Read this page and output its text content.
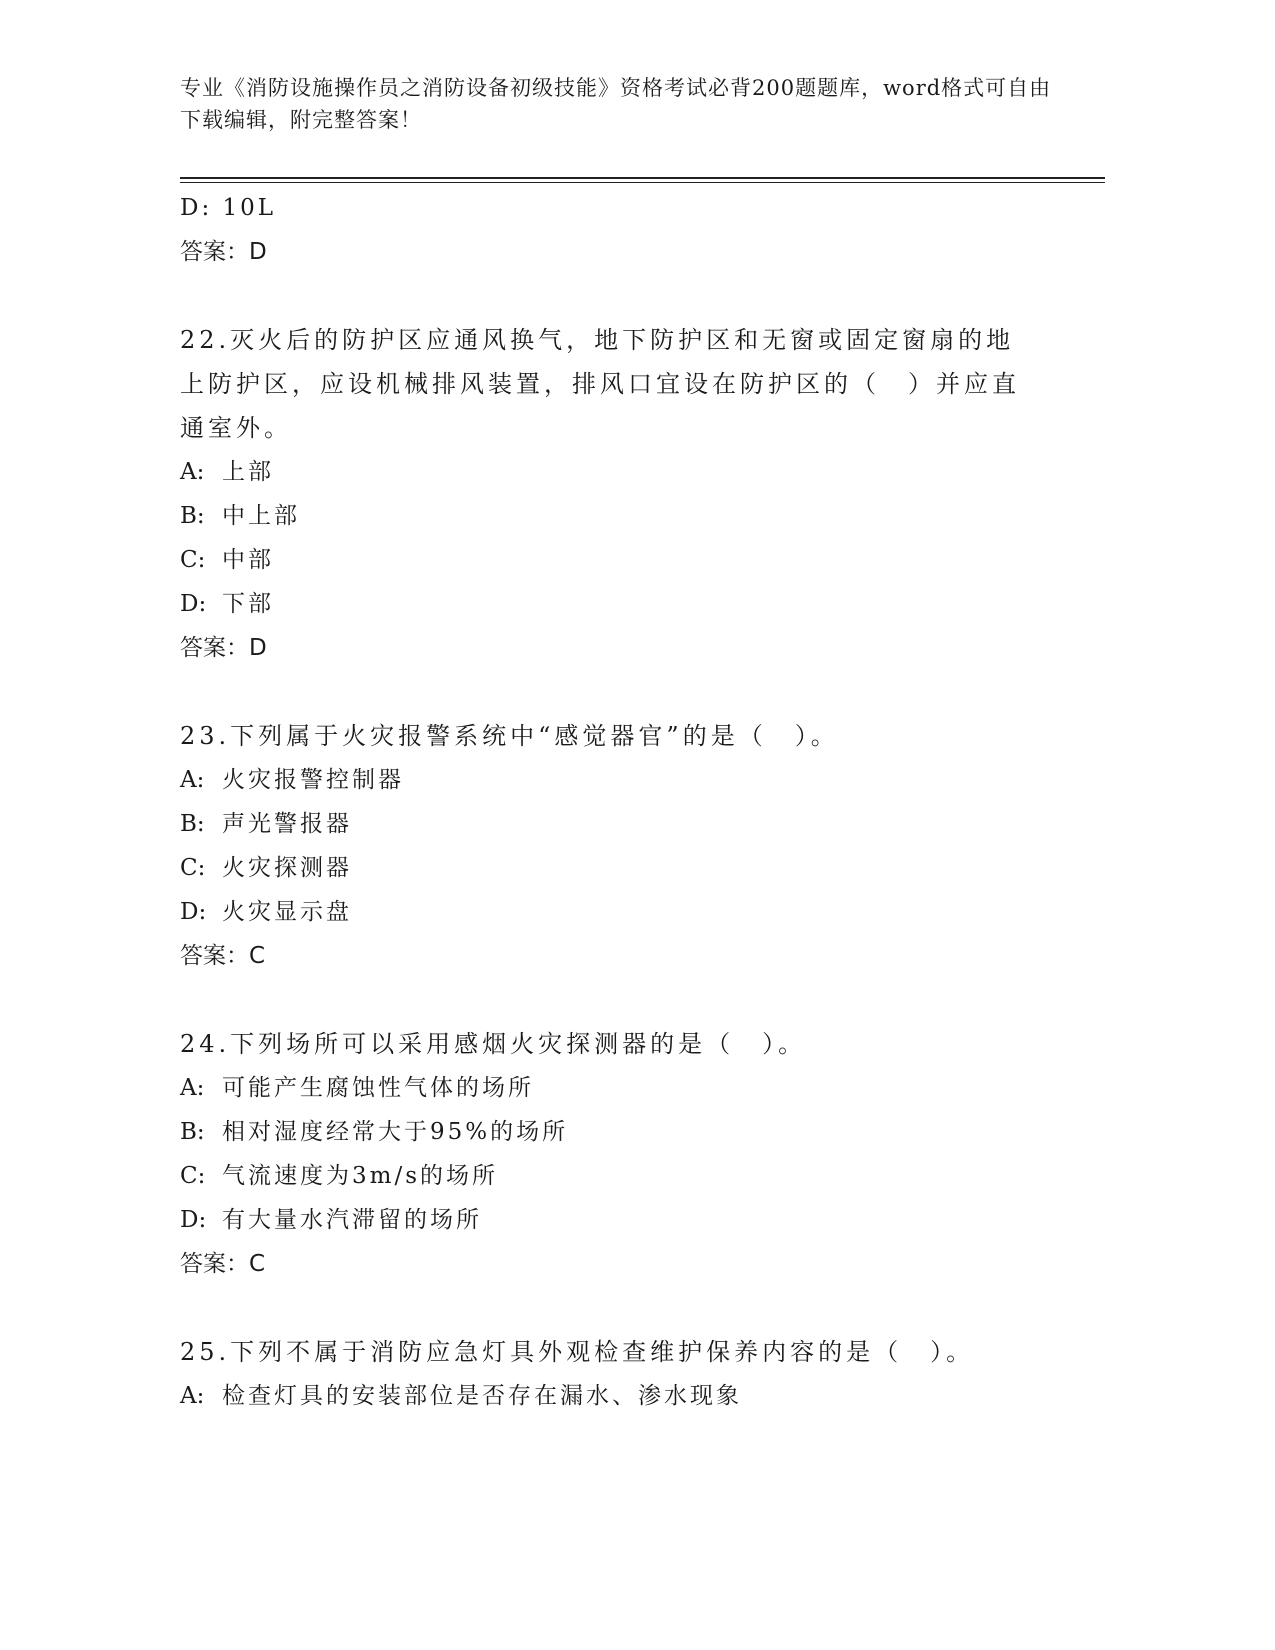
专业《消防设施操作员之消防设备初级技能》资格考试必背200题题库，word格式可自由下载编辑，附完整答案！
D: 10L
答案：D
22.灭火后的防护区应通风换气，地下防护区和无窗或固定窗扇的地上防护区，应设机械排风装置，排风口宜设在防护区的（　）并应直通室外。
A: 上部
B: 中上部
C: 中部
D: 下部
答案：D
23.下列属于火灾报警系统中“感觉器官”的是（　）。
A: 火灾报警控制器
B: 声光警报器
C: 火灾探测器
D: 火灾显示盘
答案：C
24.下列场所可以采用感烟火灾探测器的是（　）。
A: 可能产生腐蚀性气体的场所
B: 相对湿度经常大于95%的场所
C: 气流速度为3m/s的场所
D: 有大量水汽滞留的场所
答案：C
25.下列不属于消防应急灯具外观检查维护保养内容的是（　）。
A: 检查灯具的安装部位是否存在漏水、渗水现象
